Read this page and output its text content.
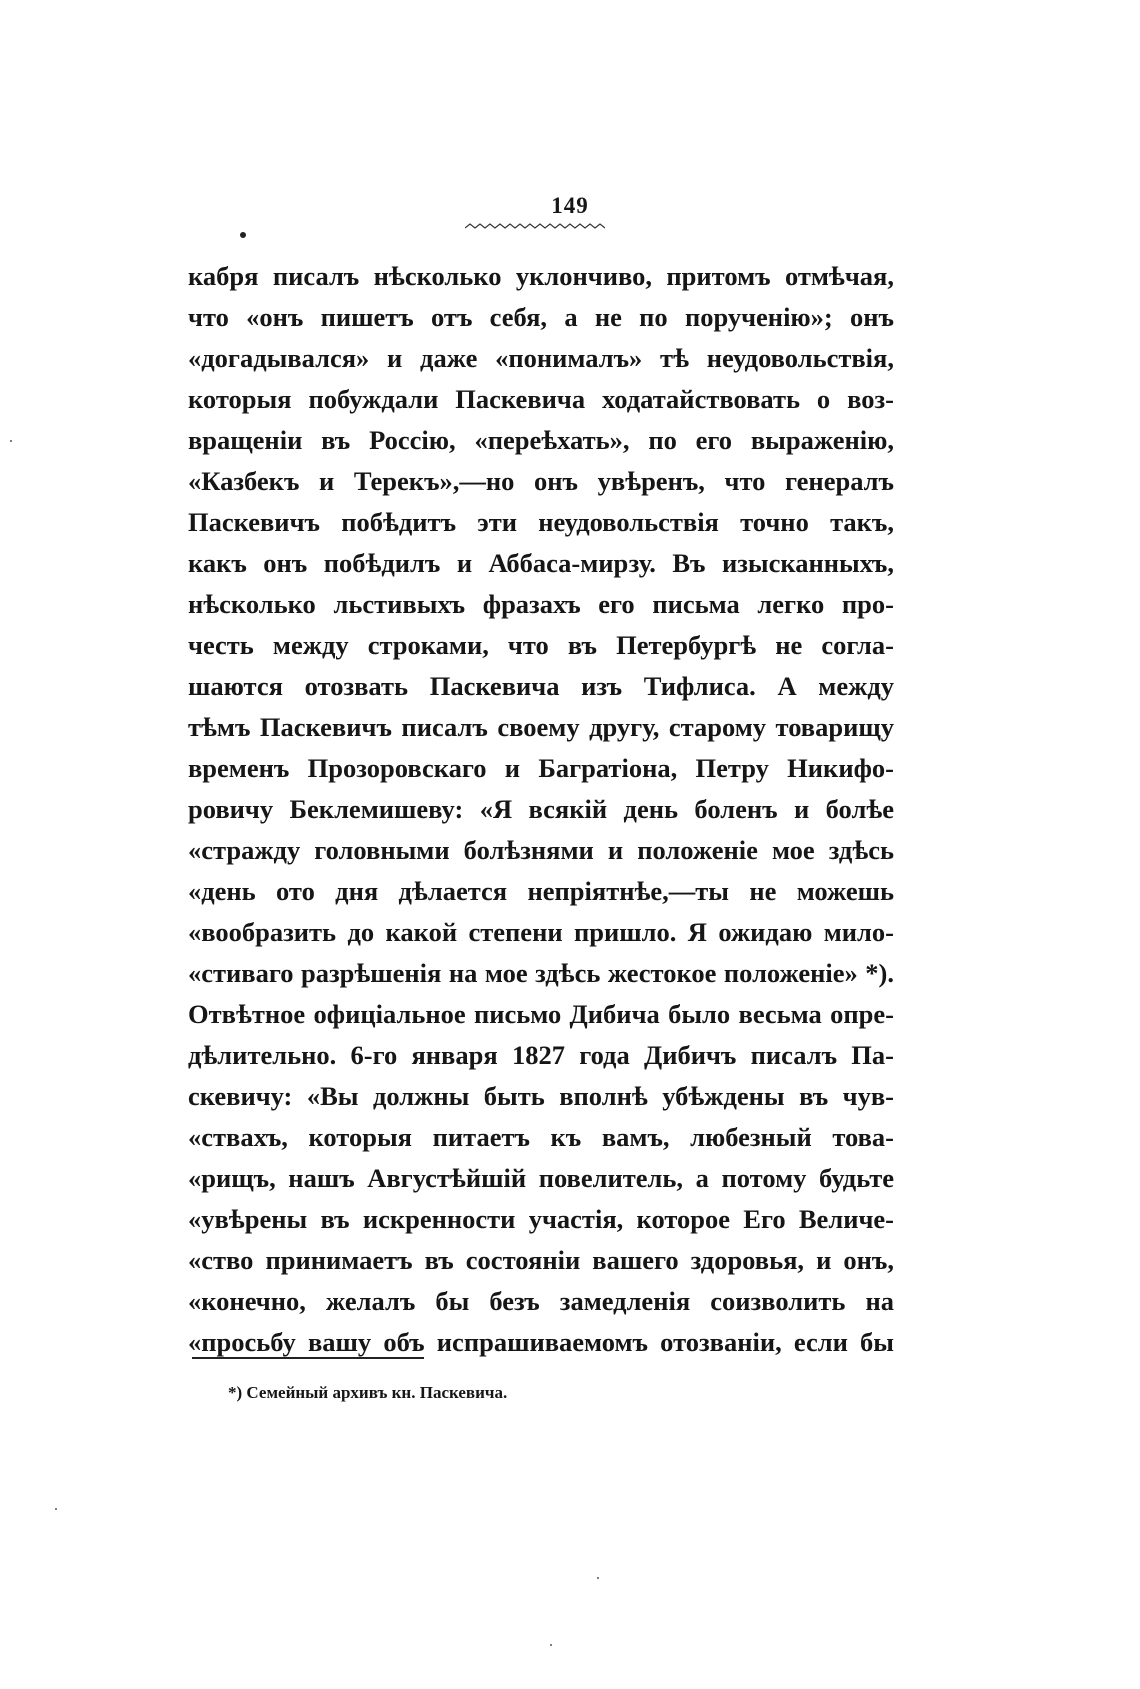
149
кабря писалъ нѣсколько уклончиво, притомъ отмѣчая,
что «онъ пишетъ отъ себя, а не по порученію»; онъ
«догадывался» и даже «понималъ» тѣ неудовольствія,
которыя побуждали Паскевича ходатайствовать о воз-
вращеніи въ Россію, «переѣхать», по его выраженію,
«Казбекъ и Терекъ»,—но онъ увѣренъ, что генералъ
Паскевичъ побѣдитъ эти неудовольствія точно такъ,
какъ онъ побѣдилъ и Аббаса-мирзу. Въ изысканныхъ,
нѣсколько льстивыхъ фразахъ его письма легко про-
честь между строками, что въ Петербургѣ не согла-
шаются отозвать Паскевича изъ Тифлиса. А между
тѣмъ Паскевичъ писалъ своему другу, старому товарищу
временъ Прозоровскаго и Багратіона, Петру Никифо-
ровичу Беклемишеву: «Я всякій день боленъ и болѣе
«стражду головными болѣзнями и положеніе мое здѣсь
«день ото дня дѣлается непріятнѣе,—ты не можешь
«вообразить до какой степени пришло. Я ожидаю мило-
«стиваго разрѣшенія на мое здѣсь жестокое положеніе» *).
Отвѣтное офиціальное письмо Дибича было весьма опре-
дѣлительно. 6-го января 1827 года Дибичъ писалъ Па-
скевичу: «Вы должны быть вполнѣ убѣждены въ чув-
«ствахъ, которыя питаетъ къ вамъ, любезный това-
«рищъ, нашъ Августѣйшій повелитель, а потому будьте
«увѣрены въ искренности участія, которое Его Величе-
«ство принимаетъ въ состояніи вашего здоровья, и онъ,
«конечно, желалъ бы безъ замедленія соизволить на
«просьбу вашу объ испрашиваемомъ отозваніи, если бы
*) Семейный архивъ кн. Паскевича.
